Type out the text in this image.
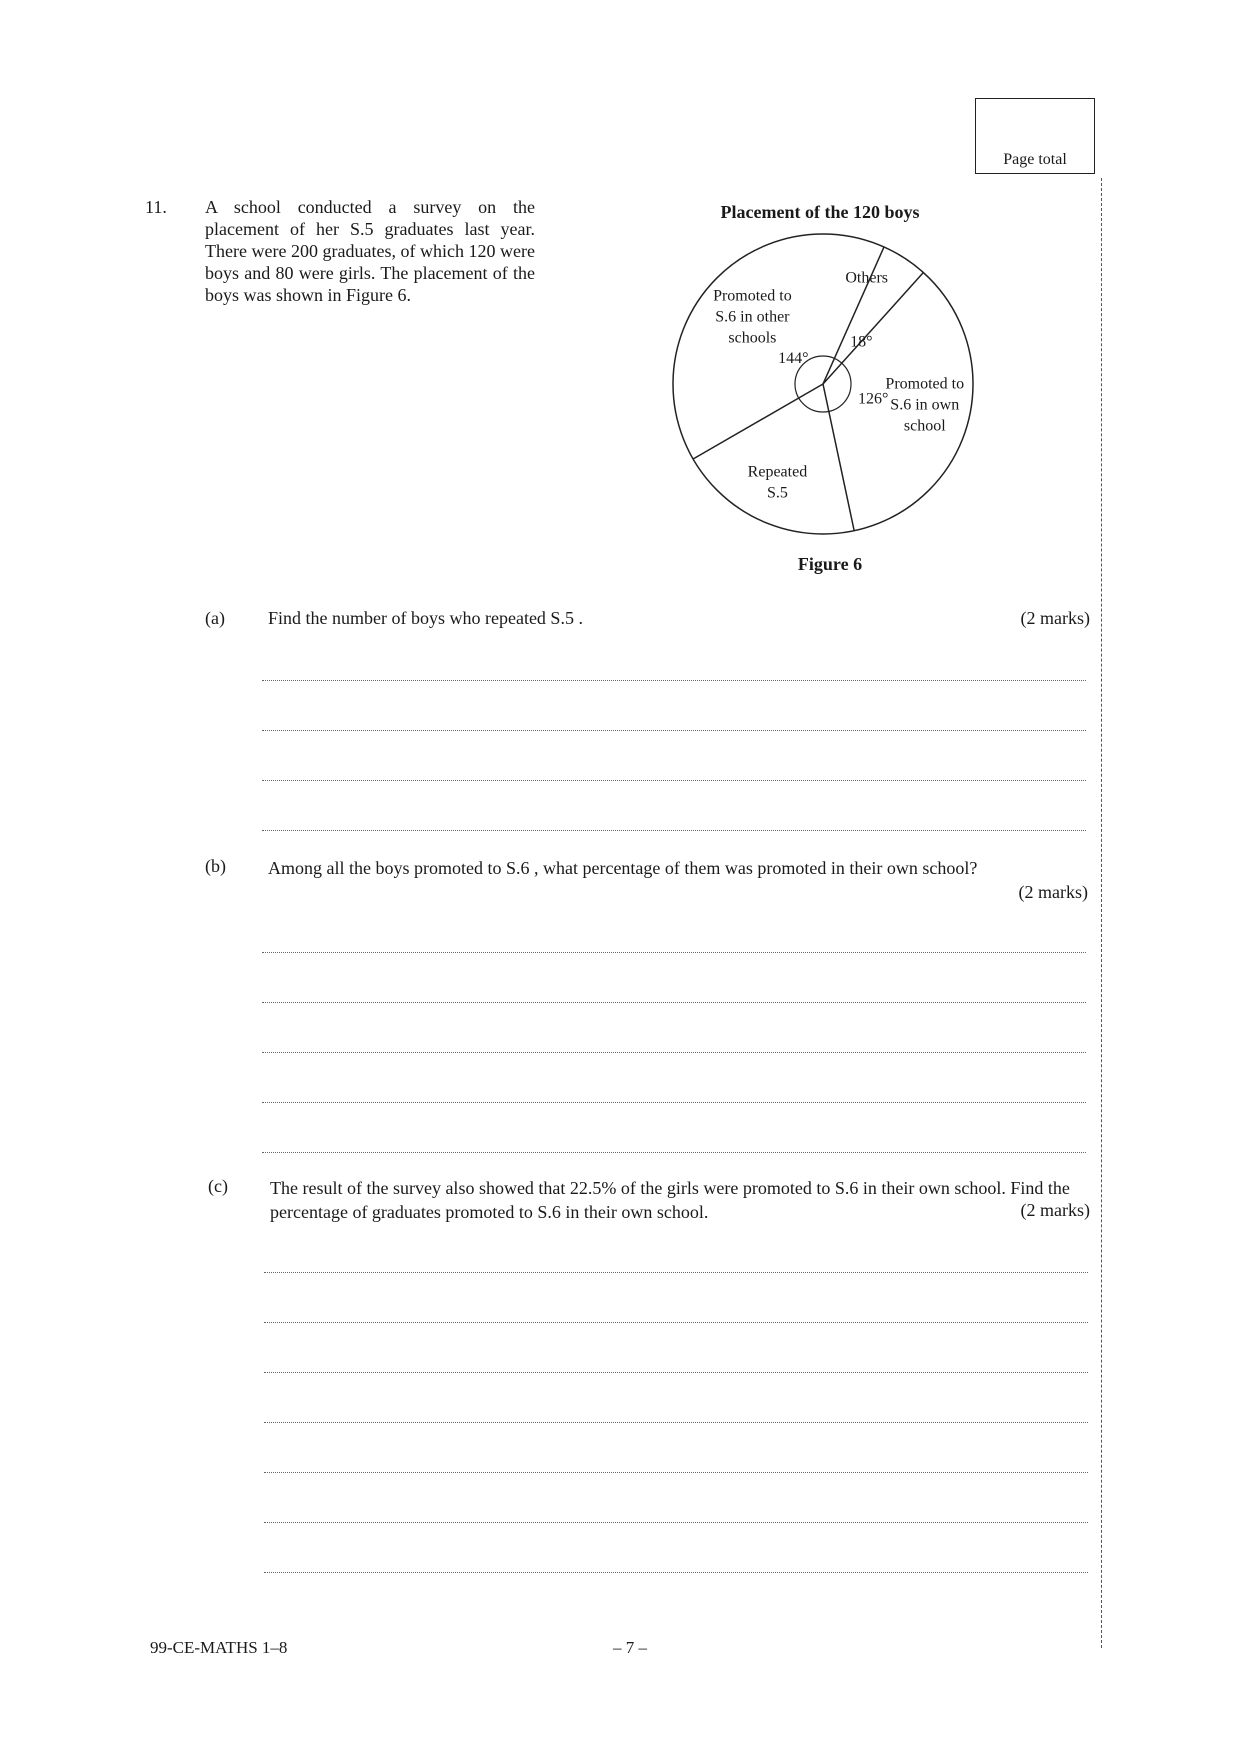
Page total
11. A school conducted a survey on the placement of her S.5 graduates last year. There were 200 graduates, of which 120 were boys and 80 were girls. The placement of the boys was shown in Figure 6.
Placement of the 120 boys
Promoted to S.6 in other schools
144°
Others
18°
Promoted to S.6 in own school
126°
Repeated S.5
Figure 6
(a) Find the number of boys who repeated S.5 .	(2 marks)
(b) Among all the boys promoted to S.6 , what percentage of them was promoted in their own school?
(2 marks)
(c) The result of the survey also showed that 22.5% of the girls were promoted to S.6 in their own school. Find the percentage of graduates promoted to S.6 in their own school.	(2 marks)
99-CE-MATHS 1–8	– 7 –
